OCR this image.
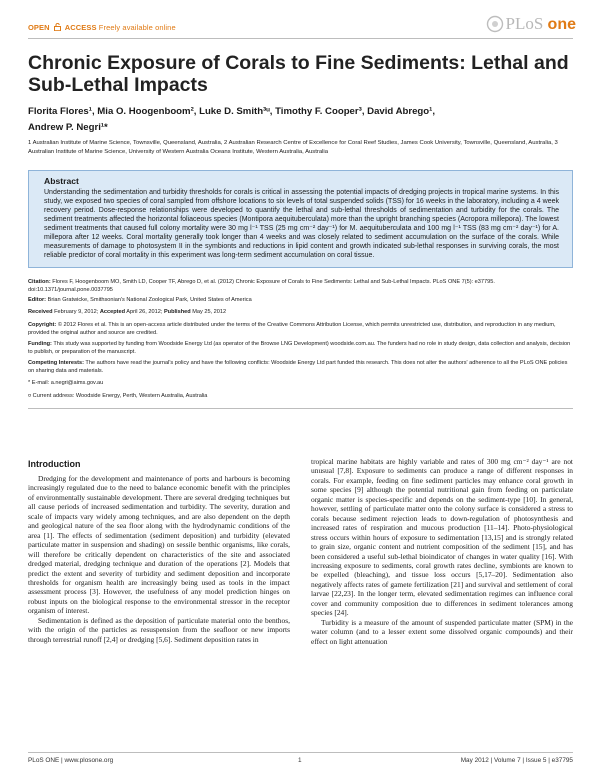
OPEN ACCESS Freely available online	PLoS one
Chronic Exposure of Corals to Fine Sediments: Lethal and Sub-Lethal Impacts
Florita Flores¹, Mia O. Hoogenboom², Luke D. Smith³ᵘ, Timothy F. Cooper³, David Abrego¹,
Andrew P. Negri¹*
1 Australian Institute of Marine Science, Townsville, Queensland, Australia, 2 Australian Research Centre of Excellence for Coral Reef Studies, James Cook University, Townsville, Queensland, Australia, 3 Australian Institute of Marine Science, University of Western Australia Oceans Institute, Western Australia, Australia
Abstract
Understanding the sedimentation and turbidity thresholds for corals is critical in assessing the potential impacts of dredging projects in tropical marine systems. In this study, we exposed two species of coral sampled from offshore locations to six levels of total suspended solids (TSS) for 16 weeks in the laboratory, including a 4 week recovery period. Dose-response relationships were developed to quantify the lethal and sub-lethal thresholds of sedimentation and turbidity for the corals. The sediment treatments affected the horizontal foliaceous species (Montipora aequituberculata) more than the upright branching species (Acropora millepora). The lowest sediment treatments that caused full colony mortality were 30 mg l⁻¹ TSS (25 mg cm⁻² day⁻¹) for M. aequituberculata and 100 mg l⁻¹ TSS (83 mg cm⁻² day⁻¹) for A. millepora after 12 weeks. Coral mortality generally took longer than 4 weeks and was closely related to sediment accumulation on the surface of the corals. While measurements of damage to photosystem II in the symbionts and reductions in lipid content and growth indicated sub-lethal responses in surviving corals, the most reliable predictor of coral mortality in this experiment was long-term sediment accumulation on coral tissue.
Citation: Flores F, Hoogenboom MO, Smith LD, Cooper TF, Abrego D, et al. (2012) Chronic Exposure of Corals to Fine Sediments: Lethal and Sub-Lethal Impacts. PLoS ONE 7(5): e37795. doi:10.1371/journal.pone.0037795
Editor: Brian Gratwicke, Smithsonian's National Zoological Park, United States of America
Received February 9, 2012; Accepted April 26, 2012; Published May 25, 2012
Copyright: © 2012 Flores et al. This is an open-access article distributed under the terms of the Creative Commons Attribution License, which permits unrestricted use, distribution, and reproduction in any medium, provided the original author and source are credited.
Funding: This study was supported by funding from Woodside Energy Ltd (as operator of the Browse LNG Development) woodside.com.au. The funders had no role in study design, data collection and analysis, decision to publish, or preparation of the manuscript.
Competing Interests: The authors have read the journal's policy and have the following conflicts: Woodside Energy Ltd part funded this research. This does not alter the authors' adherence to all the PLoS ONE policies on sharing data and materials.
* E-mail: a.negri@aims.gov.au
¤ Current address: Woodside Energy, Perth, Western Australia, Australia
Introduction

Dredging for the development and maintenance of ports and harbours is becoming increasingly regulated due to the need to balance economic benefit with the principles of environmentally sustainable development. There are several dredging techniques but all cause periods of increased sedimentation and turbidity. The severity, duration and scale of impacts vary widely among techniques, and are also dependent on the depth and geological nature of the sea floor along with the hydrodynamic conditions of the area [1]. The effects of sedimentation (sediment deposition) and turbidity (elevated particulate matter in suspension and shading) on sessile benthic organisms, like corals, will therefore be critically dependent on characteristics of the site and associated dredged material, dredging technique and duration of the operations [2]. Models that predict the extent and severity of turbidity and sediment deposition and incorporate thresholds for organism health are increasingly being used as tools in the impact assessment process [3]. However, the usefulness of any model prediction hinges on robust inputs on the biological response to the environmental stressor in the receptor organism of interest.

Sedimentation is defined as the deposition of particulate material onto the benthos, with the origin of the particles as resuspension from the seafloor or new imports through terrestrial runoff [2,4] or dredging [5,6]. Sediment deposition rates in

tropical marine habitats are highly variable and rates of 300 mg cm⁻² day⁻¹ are not unusual [7,8]. Exposure to sediments can produce a range of different responses in corals. For example, feeding on fine sediment particles may enhance coral growth in some species [9] although the potential nutritional gain from feeding on particulate organic matter is species-specific and depends on the sediment-type [10]. In general, however, settling of particulate matter onto the colony surface is considered a stress to corals because sediment rejection leads to down-regulation of photosynthesis and increased rates of respiration and mucous production [11–14]. Photo-physiological stress occurs within hours of exposure to sedimentation [13,15] and is strongly related to grain size, organic content and nutrient composition of the sediment [15], and has been considered a useful sub-lethal bioindicator of changes in water quality [16]. With increasing exposure to sediments, coral growth rates decline, symbionts are known to be expelled (bleaching), and tissue loss occurs [5,17–20]. Sedimentation also negatively affects rates of gamete fertilization [21] and survival and settlement of coral larvae [22,23]. In the longer term, elevated sedimentation regimes can influence coral cover and community composition due to differences in sediment tolerances among species [24].

Turbidity is a measure of the amount of suspended particulate matter (SPM) in the water column (and to a lesser extent some dissolved organic compounds) and their effect on light attenuation

PLoS ONE | www.plosone.org	1	May 2012 | Volume 7 | Issue 5 | e37795
